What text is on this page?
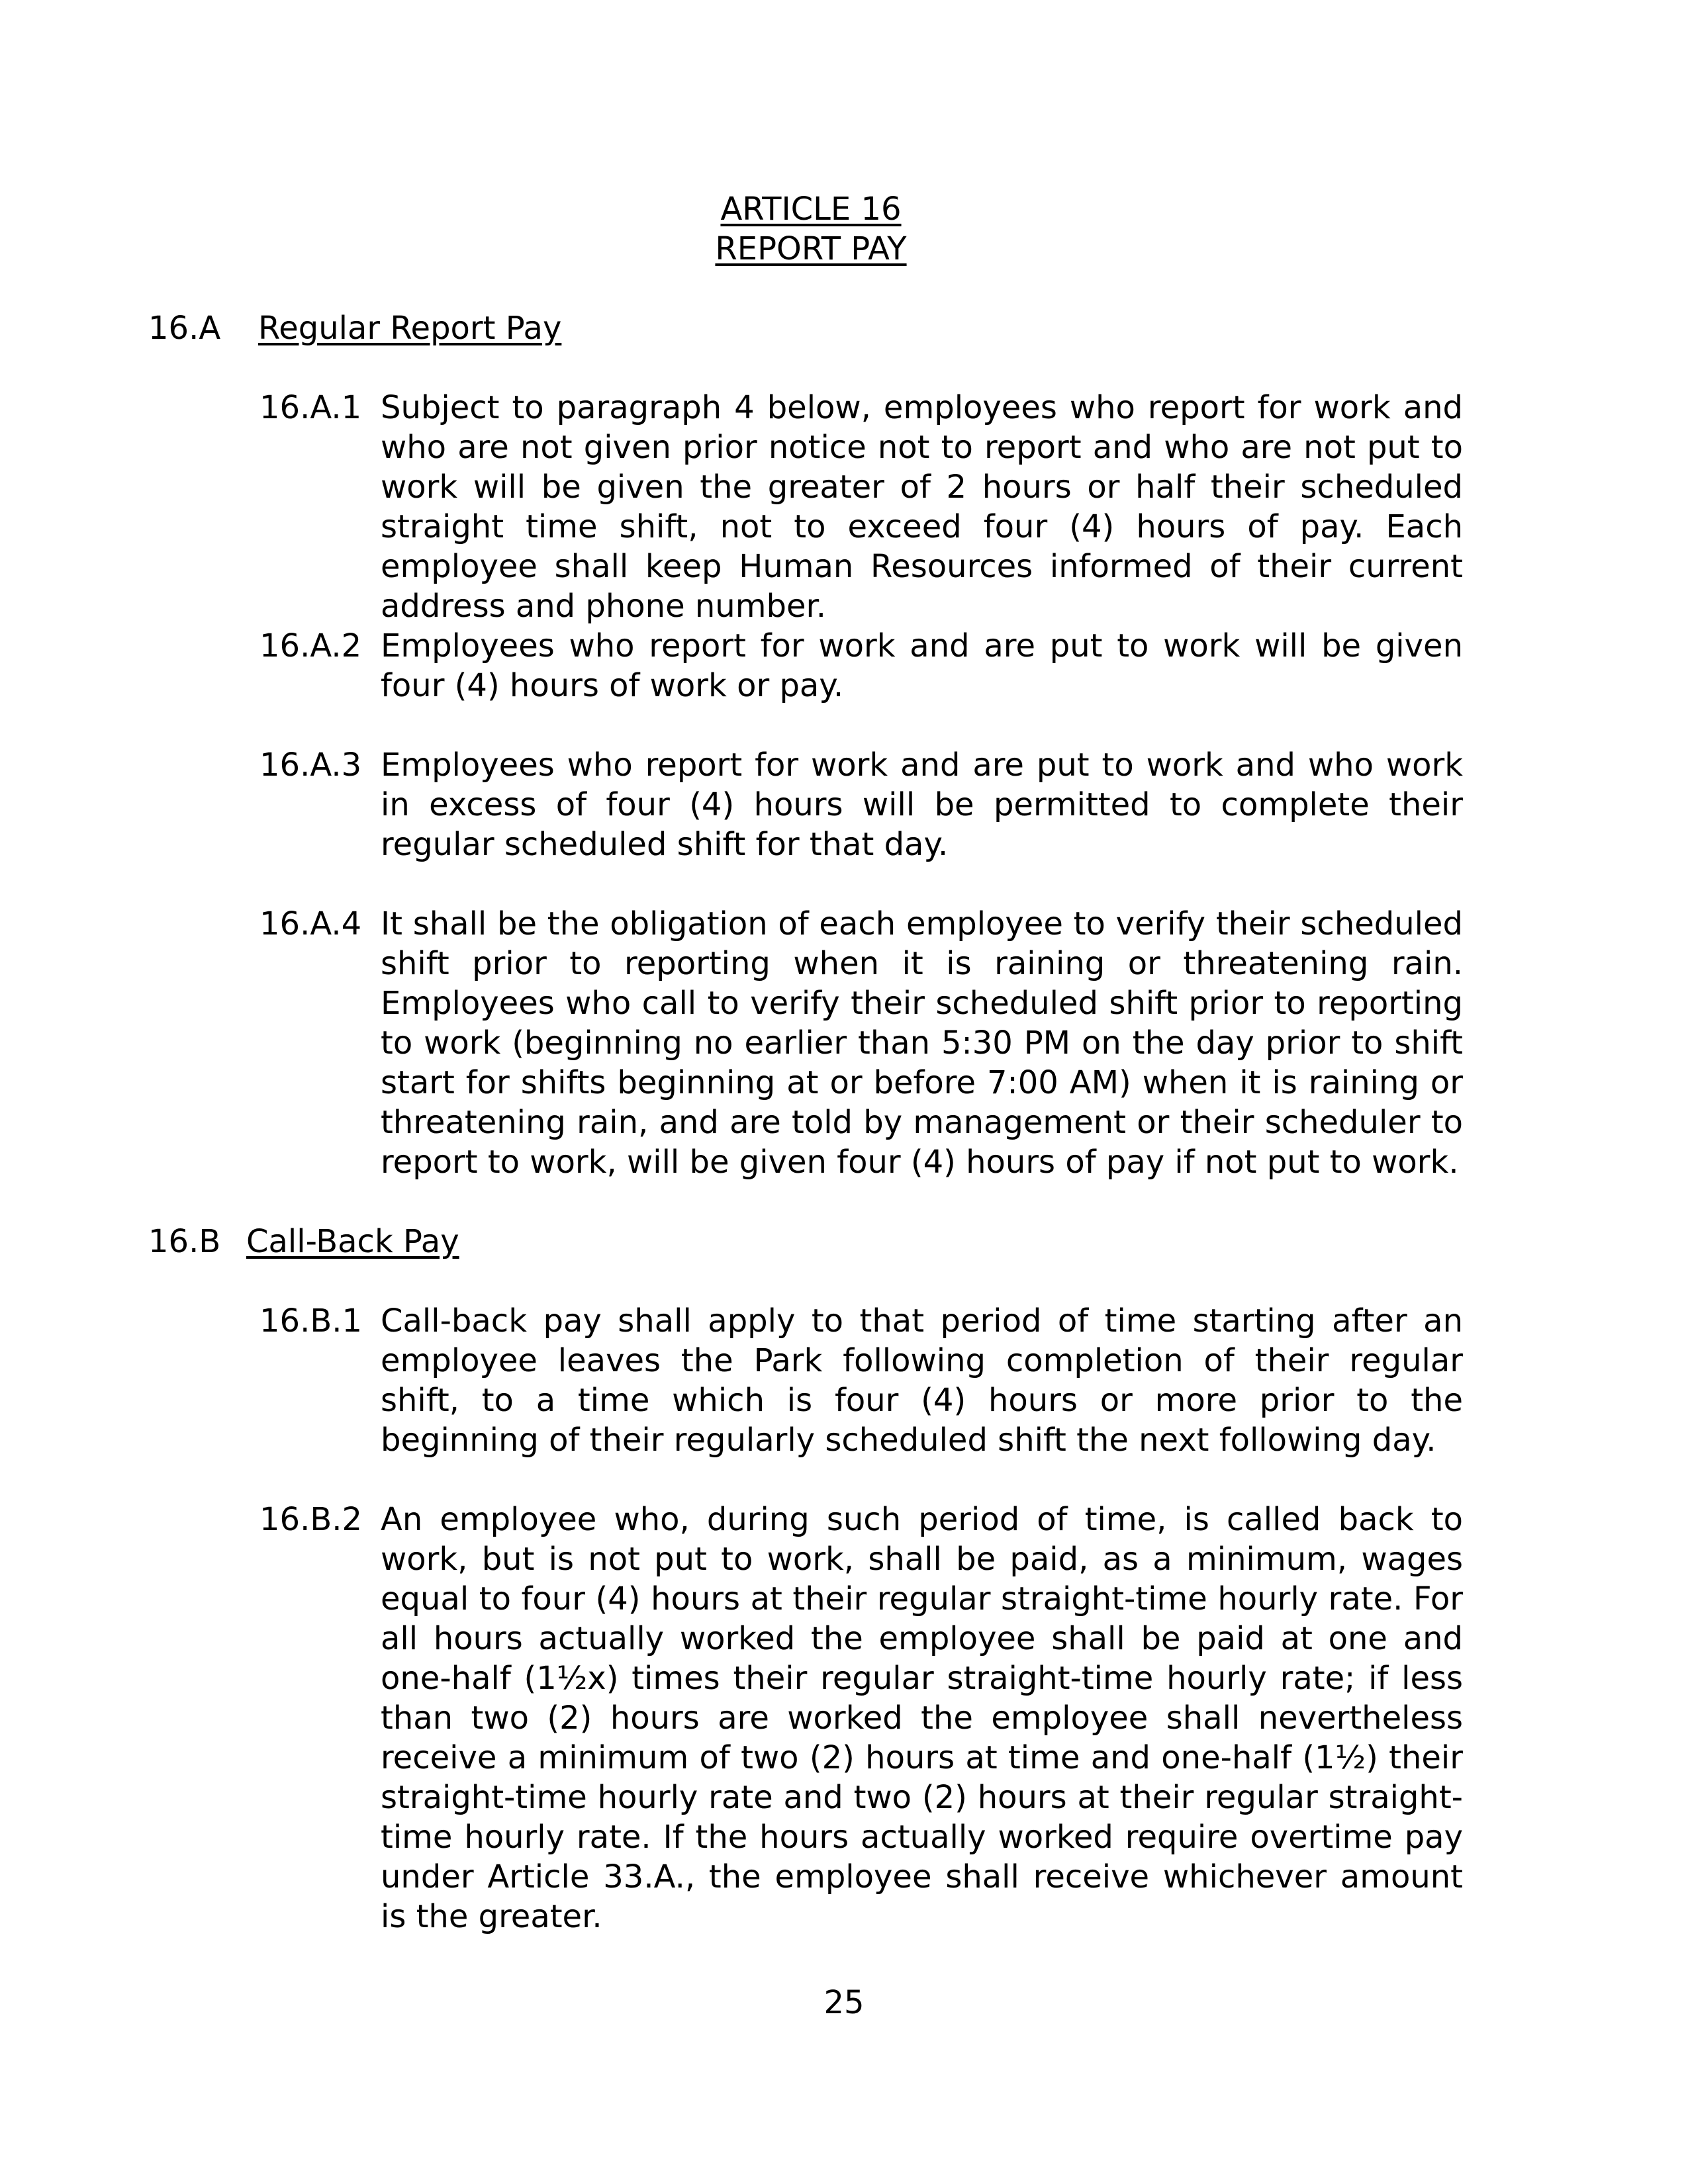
ARTICLE 16
REPORT PAY
16.A Regular Report Pay
16.A.1 Subject to paragraph 4 below, employees who report for work and who are not given prior notice not to report and who are not put to work will be given the greater of 2 hours or half their scheduled straight time shift, not to exceed four (4) hours of pay. Each employee shall keep Human Resources informed of their current address and phone number.
16.A.2 Employees who report for work and are put to work will be given four (4) hours of work or pay.
16.A.3 Employees who report for work and are put to work and who work in excess of four (4) hours will be permitted to complete their regular scheduled shift for that day.
16.A.4 It shall be the obligation of each employee to verify their scheduled shift prior to reporting when it is raining or threatening rain. Employees who call to verify their scheduled shift prior to reporting to work (beginning no earlier than 5:30 PM on the day prior to shift start for shifts beginning at or before 7:00 AM) when it is raining or threatening rain, and are told by management or their scheduler to report to work, will be given four (4) hours of pay if not put to work.
16.B Call-Back Pay
16.B.1 Call-back pay shall apply to that period of time starting after an employee leaves the Park following completion of their regular shift, to a time which is four (4) hours or more prior to the beginning of their regularly scheduled shift the next following day.
16.B.2 An employee who, during such period of time, is called back to work, but is not put to work, shall be paid, as a minimum, wages equal to four (4) hours at their regular straight-time hourly rate. For all hours actually worked the employee shall be paid at one and one-half (1½x) times their regular straight-time hourly rate; if less than two (2) hours are worked the employee shall nevertheless receive a minimum of two (2) hours at time and one-half (1½) their straight-time hourly rate and two (2) hours at their regular straight-time hourly rate. If the hours actually worked require overtime pay under Article 33.A., the employee shall receive whichever amount is the greater.
25
